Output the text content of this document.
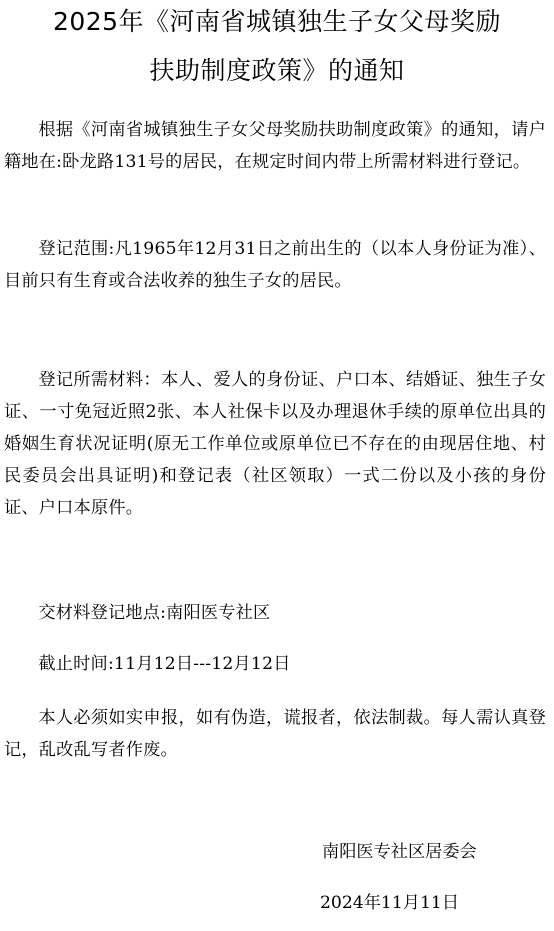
2025年《河南省城镇独生子女父母奖励
扶助制度政策》的通知

根据《河南省城镇独生子女父母奖励扶助制度政策》的通知，请户籍地在:卧龙路131号的居民，在规定时间内带上所需材料进行登记。

登记范围:凡1965年12月31日之前出生的（以本人身份证为准）、目前只有生育或合法收养的独生子女的居民。

登记所需材料：本人、爱人的身份证、户口本、结婚证、独生子女证、一寸免冠近照2张、本人社保卡以及办理退休手续的原单位出具的婚姻生育状况证明(原无工作单位或原单位已不存在的由现居住地、村民委员会出具证明)和登记表（社区领取）一式二份以及小孩的身份证、户口本原件。

交材料登记地点:南阳医专社区

截止时间:11月12日---12月12日

本人必须如实申报，如有伪造，谎报者，依法制裁。每人需认真登记，乱改乱写者作废。

南阳医专社区居委会

2024年11月11日
